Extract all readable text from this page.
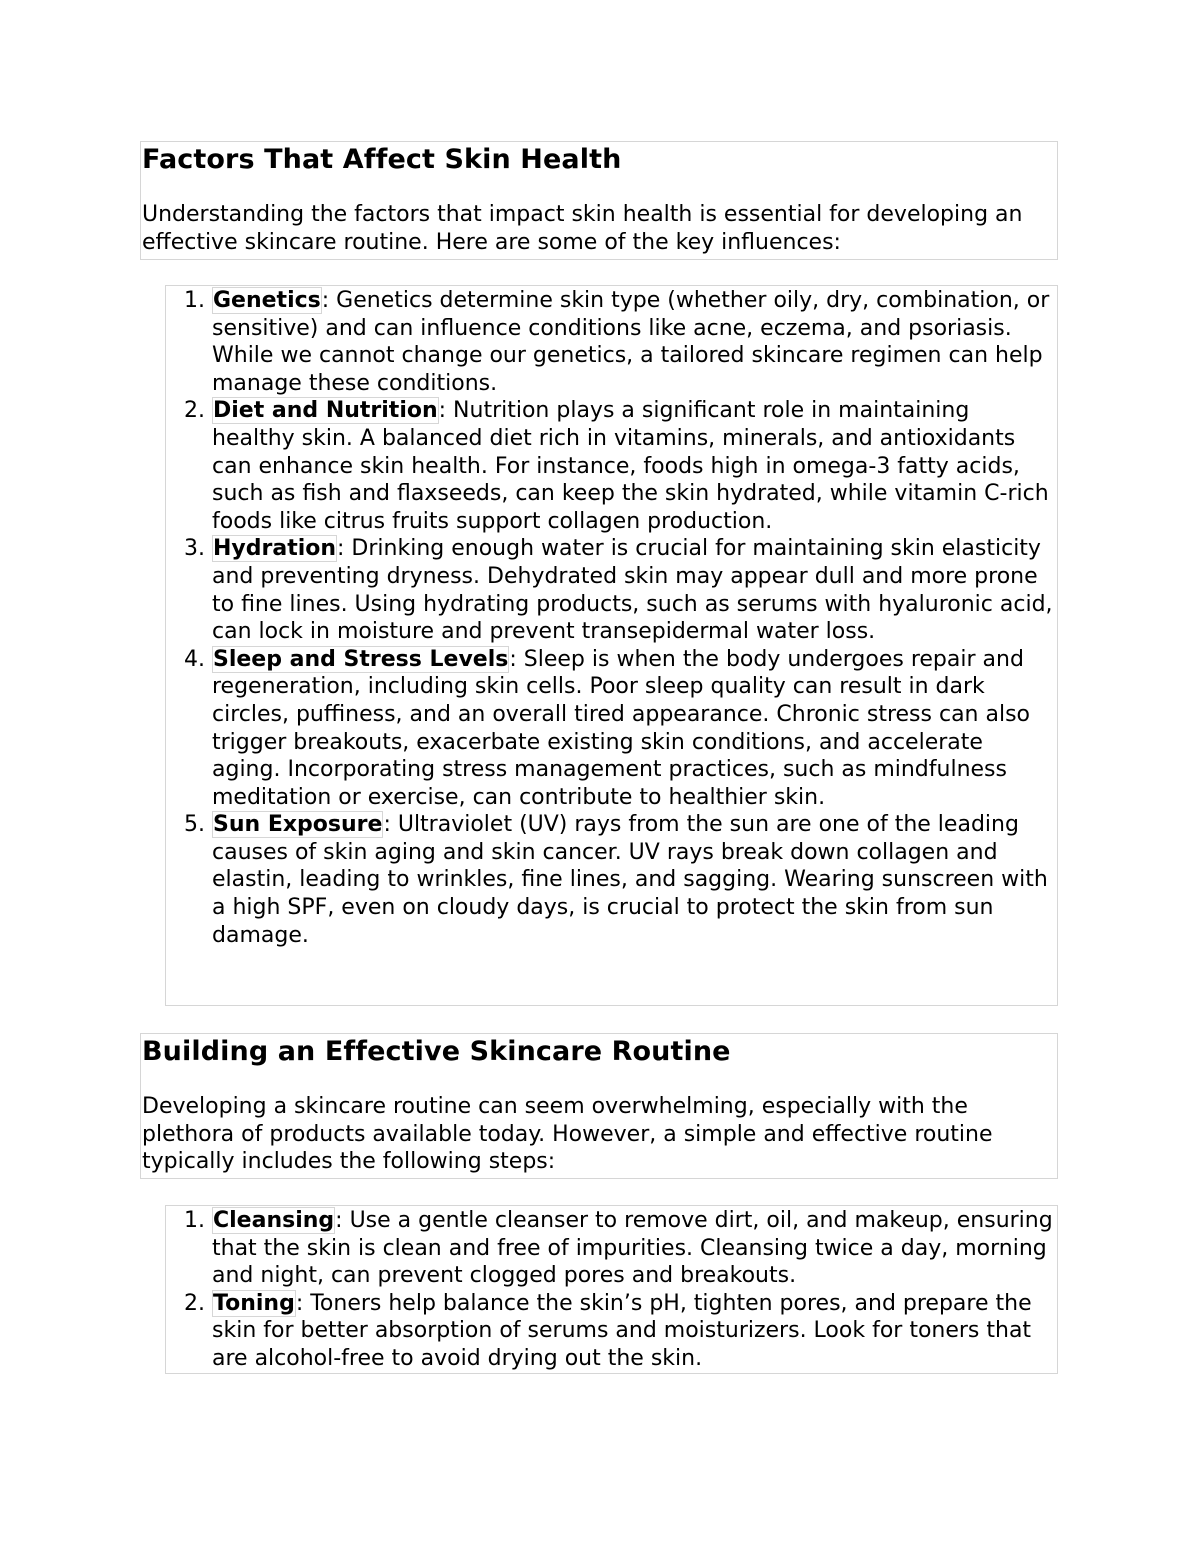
Factors That Affect Skin Health

Understanding the factors that impact skin health is essential for developing an effective skincare routine. Here are some of the key influences:

1. Genetics: Genetics determine skin type (whether oily, dry, combination, or sensitive) and can influence conditions like acne, eczema, and psoriasis. While we cannot change our genetics, a tailored skincare regimen can help manage these conditions.
2. Diet and Nutrition: Nutrition plays a significant role in maintaining healthy skin. A balanced diet rich in vitamins, minerals, and antioxidants can enhance skin health. For instance, foods high in omega-3 fatty acids, such as fish and flaxseeds, can keep the skin hydrated, while vitamin C-rich foods like citrus fruits support collagen production.
3. Hydration: Drinking enough water is crucial for maintaining skin elasticity and preventing dryness. Dehydrated skin may appear dull and more prone to fine lines. Using hydrating products, such as serums with hyaluronic acid, can lock in moisture and prevent transepidermal water loss.
4. Sleep and Stress Levels: Sleep is when the body undergoes repair and regeneration, including skin cells. Poor sleep quality can result in dark circles, puffiness, and an overall tired appearance. Chronic stress can also trigger breakouts, exacerbate existing skin conditions, and accelerate aging. Incorporating stress management practices, such as mindfulness meditation or exercise, can contribute to healthier skin.
5. Sun Exposure: Ultraviolet (UV) rays from the sun are one of the leading causes of skin aging and skin cancer. UV rays break down collagen and elastin, leading to wrinkles, fine lines, and sagging. Wearing sunscreen with a high SPF, even on cloudy days, is crucial to protect the skin from sun damage.
Building an Effective Skincare Routine

Developing a skincare routine can seem overwhelming, especially with the plethora of products available today. However, a simple and effective routine typically includes the following steps:

1. Cleansing: Use a gentle cleanser to remove dirt, oil, and makeup, ensuring that the skin is clean and free of impurities. Cleansing twice a day, morning and night, can prevent clogged pores and breakouts.
2. Toning: Toners help balance the skin’s pH, tighten pores, and prepare the skin for better absorption of serums and moisturizers. Look for toners that are alcohol-free to avoid drying out the skin.
